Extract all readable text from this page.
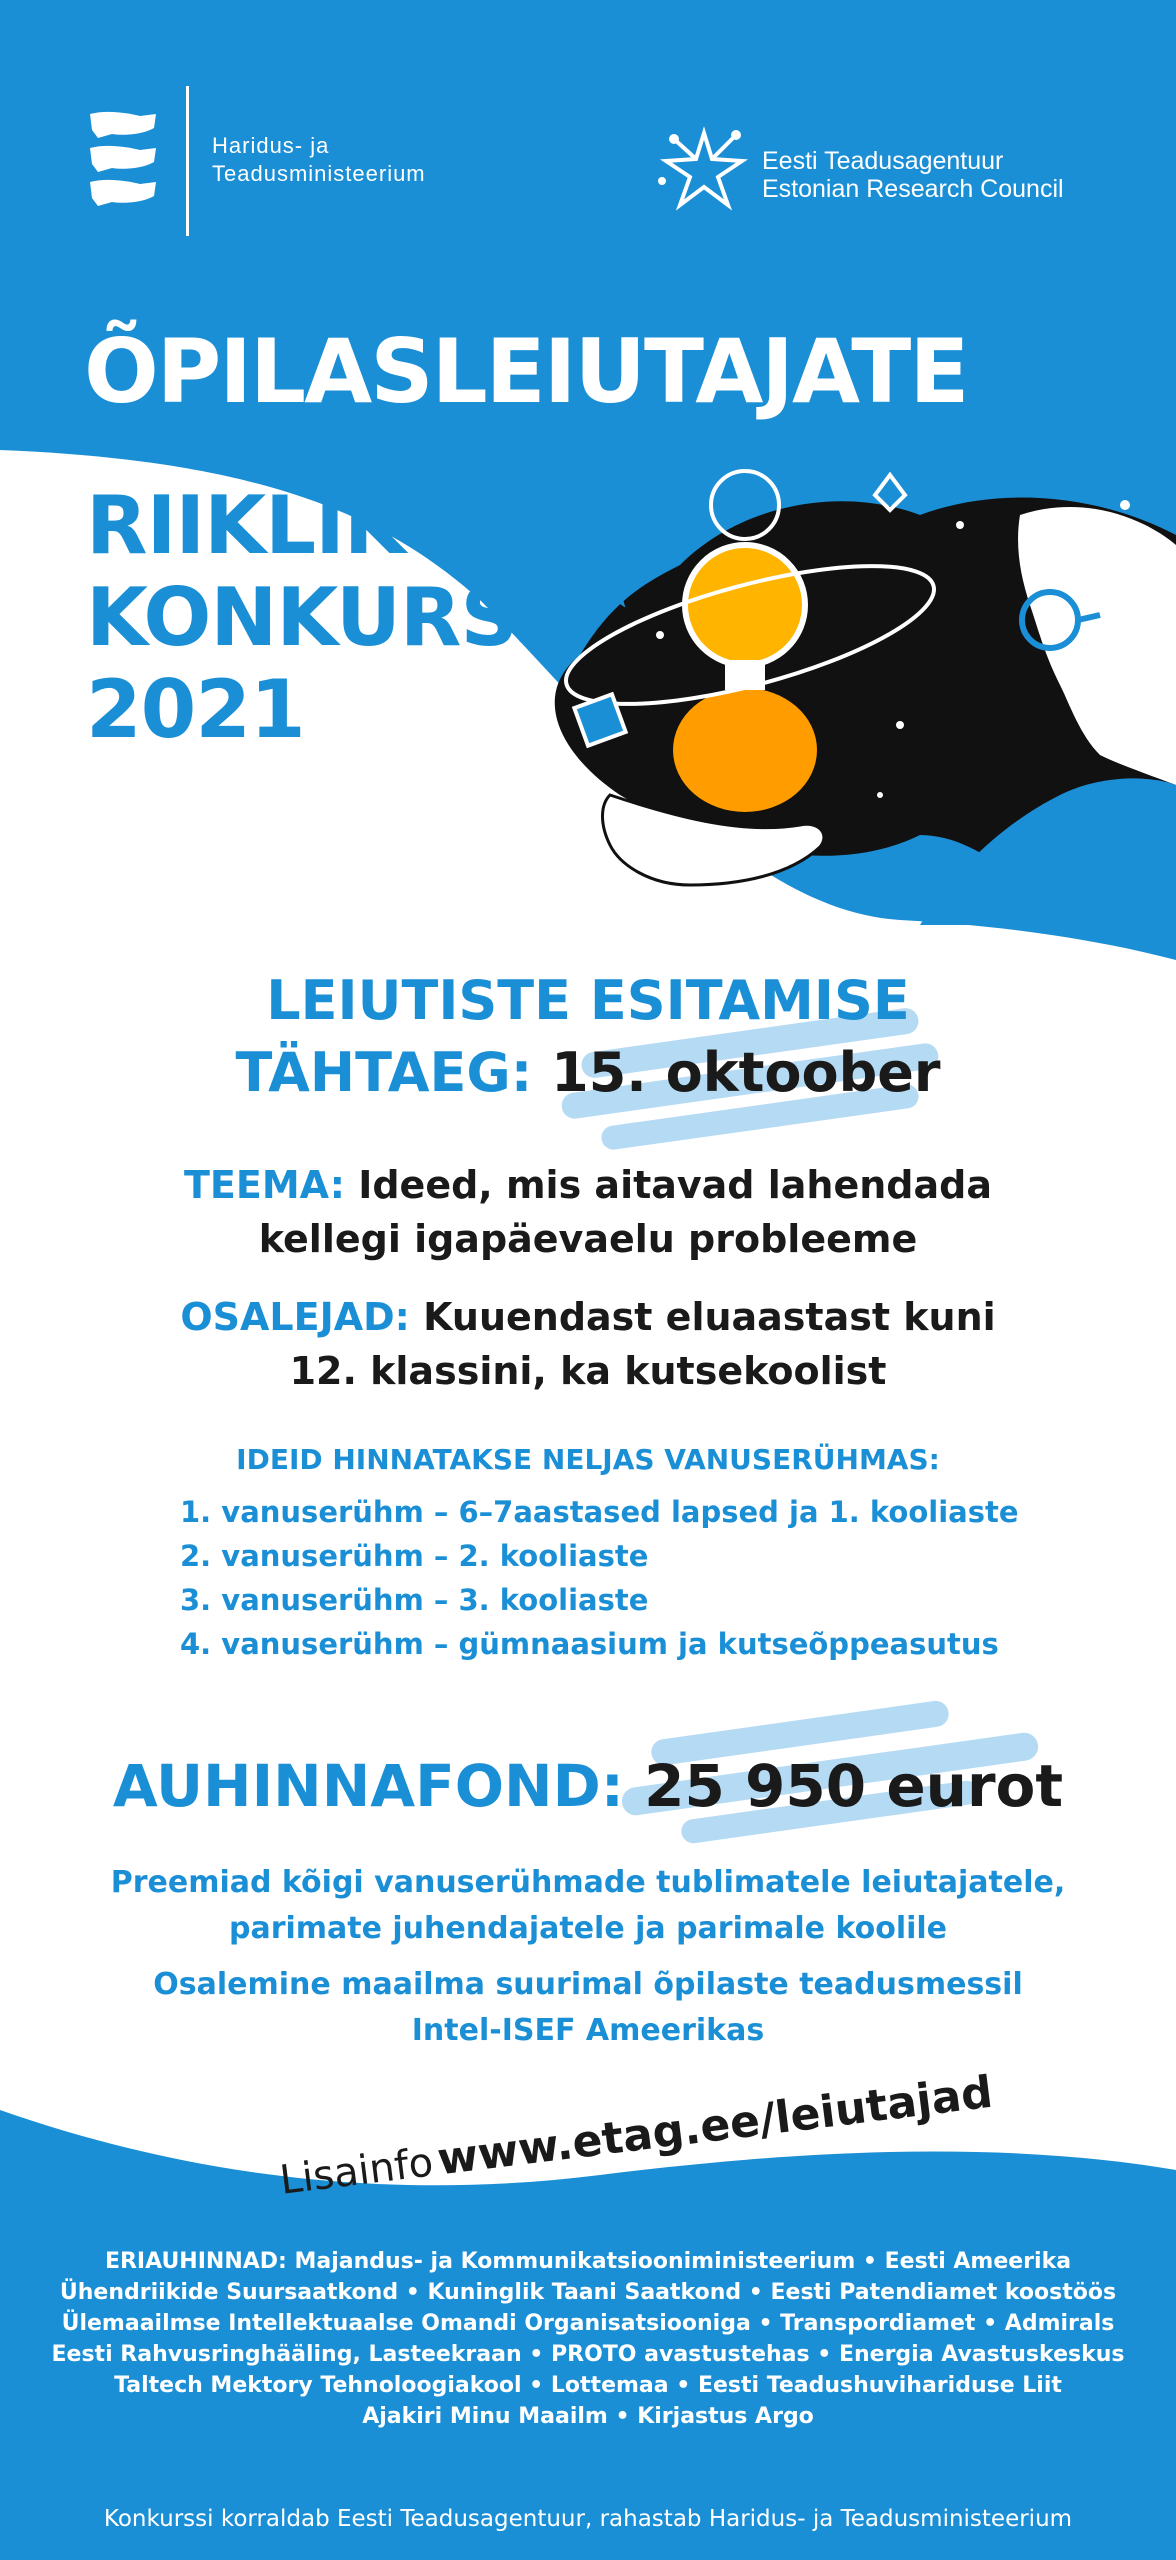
Haridus- ja
Teadusministeerium	Eesti Teadusagentuur
Estonian Research Council
ÕPILASLEIUTAJATE
RIIKLIK
KONKURSS
2021
LEIUTISTE ESITAMISE
TÄHTAEG: 15. oktoober
TEEMA: Ideed, mis aitavad lahendada
kellegi igapäevaelu probleeme
OSALEJAD: Kuuendast eluaastast kuni
12. klassini, ka kutsekoolist
IDEID HINNATAKSE NELJAS VANUSERÜHMAS:
1. vanuserühm – 6–7aastased lapsed ja 1. kooliaste
2. vanuserühm – 2. kooliaste
3. vanuserühm – 3. kooliaste
4. vanuserühm – gümnaasium ja kutseõppeasutus
AUHINNAFOND: 25 950 eurot
Preemiad kõigi vanuserühmade tublimatele leiutajatele,
parimate juhendajatele ja parimale koolile
Osalemine maailma suurimal õpilaste teadusmessil
Intel-ISEF Ameerikas
Lisainfo www.etag.ee/leiutajad
ERIAUHINNAD: Majandus- ja Kommunikatsiooniministeerium • Eesti Ameerika
Ühendriikide Suursaatkond • Kuninglik Taani Saatkond • Eesti Patendiamet koostöös
Ülemaailmse Intellektuaalse Omandi Organisatsiooniga • Transpordiamet • Admirals
Eesti Rahvusringhääling, Lasteekraan • PROTO avastustehas • Energia Avastuskeskus
Taltech Mektory Tehnoloogiakool • Lottemaa • Eesti Teadushuvihariduse Liit
Ajakiri Minu Maailm • Kirjastus Argo
Konkurssi korraldab Eesti Teadusagentuur, rahastab Haridus- ja Teadusministeerium
